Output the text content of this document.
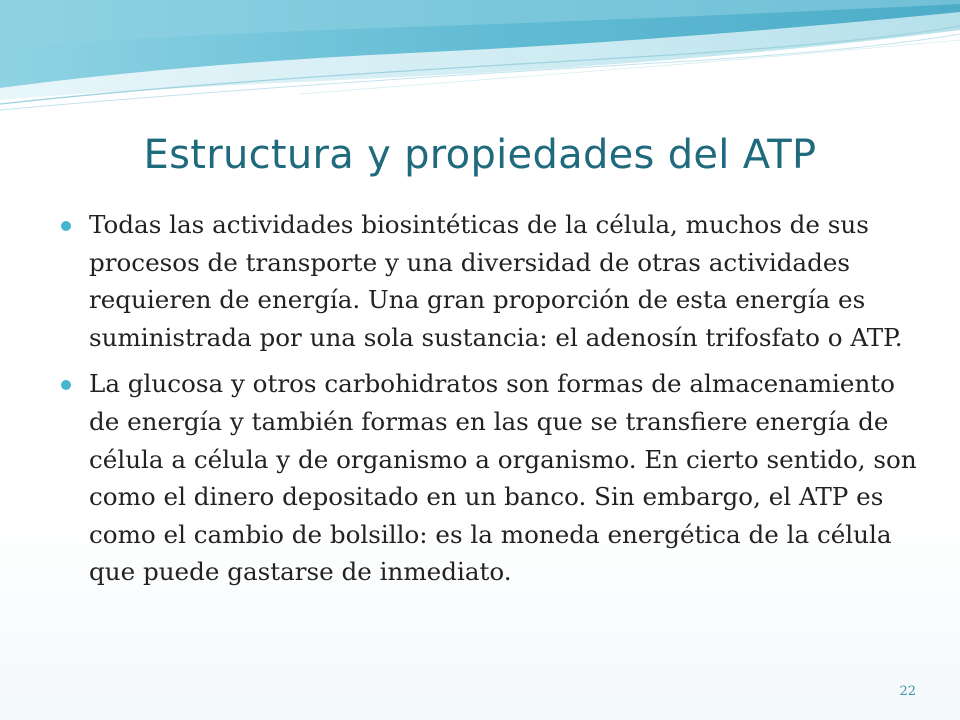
Estructura y propiedades del ATP
Todas las actividades biosintéticas de la célula, muchos de sus procesos de transporte y una diversidad de otras actividades requieren de energía. Una gran proporción de esta energía es suministrada por una sola sustancia: el adenosín trifosfato o ATP.
La glucosa y otros carbohidratos son formas de almacenamiento de energía y también formas en las que se transfiere energía de célula a célula y de organismo a organismo. En cierto sentido, son como el dinero depositado en un banco. Sin embargo, el ATP es como el cambio de bolsillo: es la moneda energética de la célula que puede gastarse de inmediato.
22
